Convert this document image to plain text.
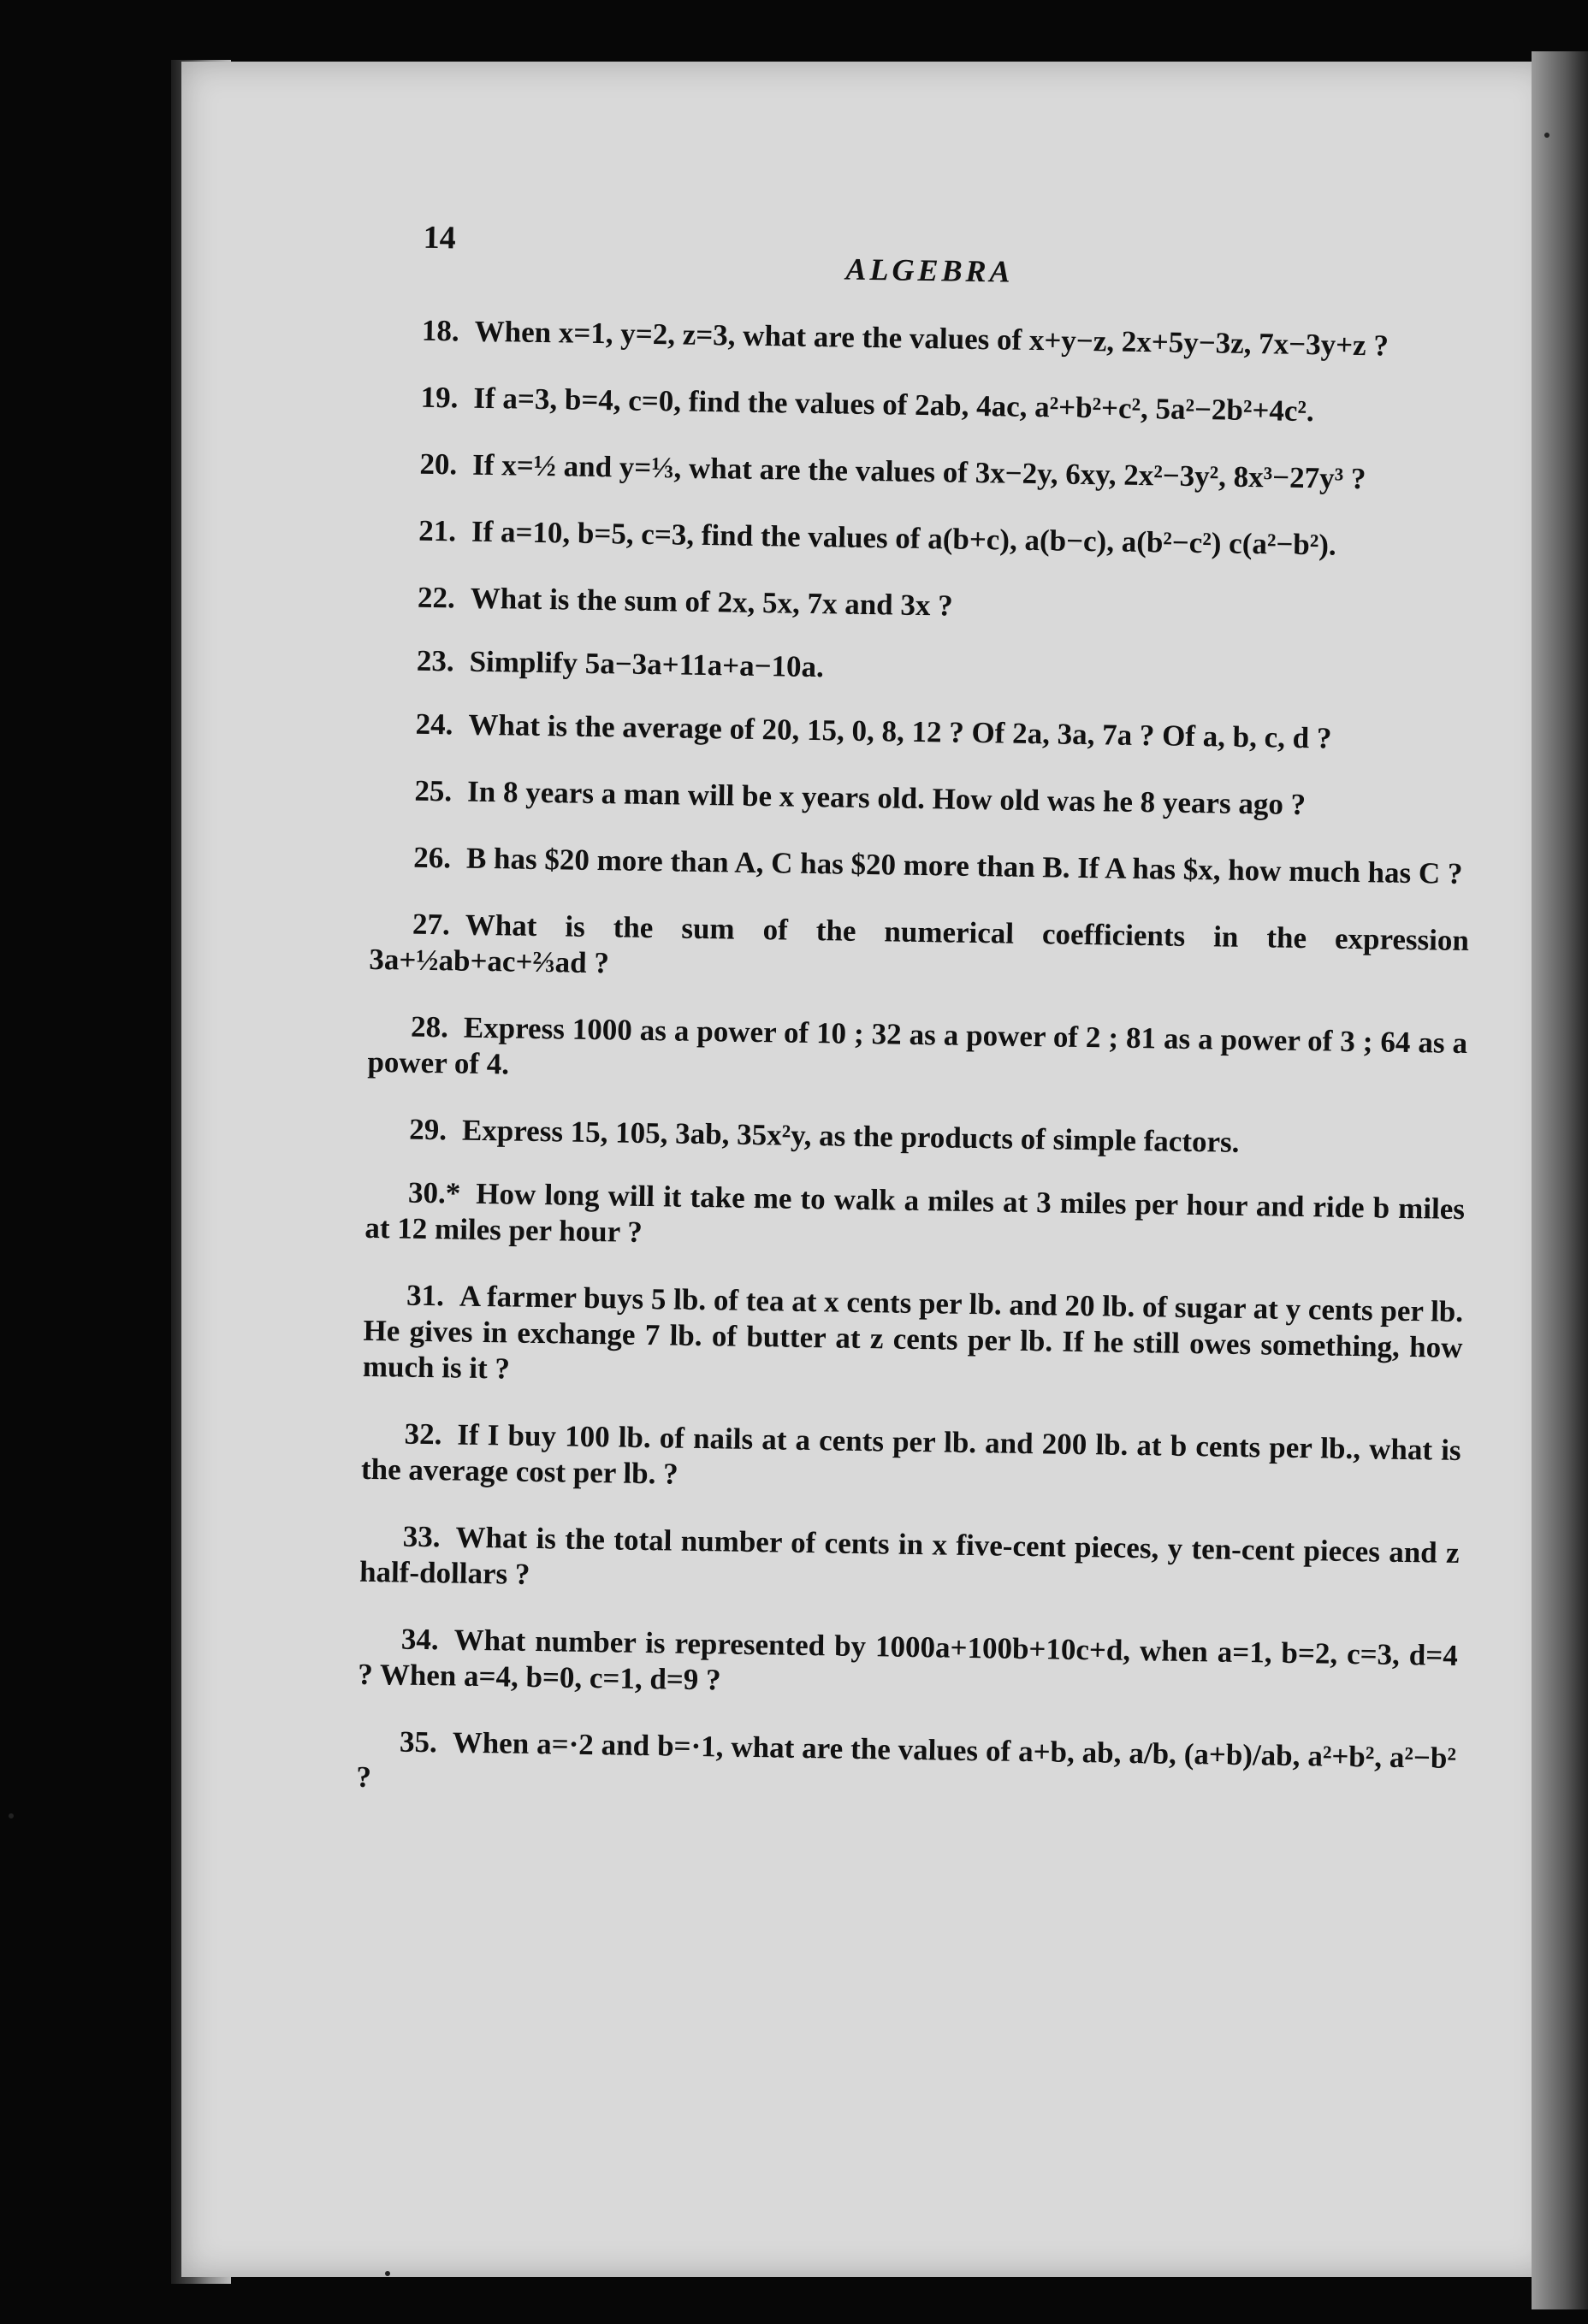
14
ALGEBRA
18. When x=1, y=2, z=3, what are the values of x+y−z, 2x+5y−3z, 7x−3y+z ?
19. If a=3, b=4, c=0, find the values of 2ab, 4ac, a²+b²+c², 5a²−2b²+4c².
20. If x=½ and y=⅓, what are the values of 3x−2y, 6xy, 2x²−3y², 8x³−27y³ ?
21. If a=10, b=5, c=3, find the values of a(b+c), a(b−c), a(b²−c²) c(a²−b²).
22. What is the sum of 2x, 5x, 7x and 3x ?
23. Simplify 5a−3a+11a+a−10a.
24. What is the average of 20, 15, 0, 8, 12 ? Of 2a, 3a, 7a ? Of a, b, c, d ?
25. In 8 years a man will be x years old. How old was he 8 years ago ?
26. B has $20 more than A, C has $20 more than B. If A has $x, how much has C ?
27. What is the sum of the numerical coefficients in the expression 3a+½ab+ac+⅔ad ?
28. Express 1000 as a power of 10 ; 32 as a power of 2 ; 81 as a power of 3 ; 64 as a power of 4.
29. Express 15, 105, 3ab, 35x²y, as the products of simple factors.
30.* How long will it take me to walk a miles at 3 miles per hour and ride b miles at 12 miles per hour ?
31. A farmer buys 5 lb. of tea at x cents per lb. and 20 lb. of sugar at y cents per lb. He gives in exchange 7 lb. of butter at z cents per lb. If he still owes something, how much is it ?
32. If I buy 100 lb. of nails at a cents per lb. and 200 lb. at b cents per lb., what is the average cost per lb. ?
33. What is the total number of cents in x five-cent pieces, y ten-cent pieces and z half-dollars ?
34. What number is represented by 1000a+100b+10c+d, when a=1, b=2, c=3, d=4 ? When a=4, b=0, c=1, d=9 ?
35. When a=·2 and b=·1, what are the values of a+b, ab, a/b, (a+b)/ab, a²+b², a²−b² ?
